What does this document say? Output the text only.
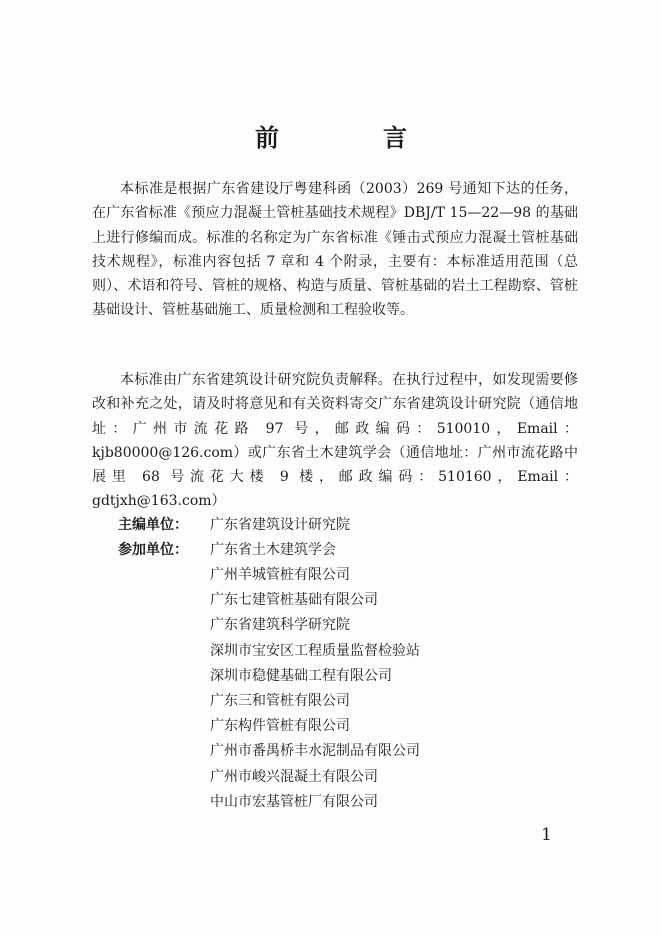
前　言

本标准是根据广东省建设厅粤建科函（2003）269 号通知下达的任务，在广东省标准《预应力混凝土管桩基础技术规程》DBJ/T 15—22—98 的基础上进行修编而成。标准的名称定为广东省标准《锤击式预应力混凝土管桩基础技术规程》，标准内容包括 7 章和 4 个附录，主要有：本标准适用范围（总则）、术语和符号、管桩的规格、构造与质量、管桩基础的岩土工程勘察、管桩基础设计、管桩基础施工、质量检测和工程验收等。

本标准由广东省建筑设计研究院负责解释。在执行过程中，如发现需要修改和补充之处，请及时将意见和有关资料寄交广东省建筑设计研究院（通信地址：广州市流花路 97 号，邮政编码：510010，Email：kjb80000@126.com）或广东省土木建筑学会（通信地址：广州市流花路中展里 68 号流花大楼 9 楼，邮政编码：510160，Email：gdtjxh@163.com）

主编单位：	广东省建筑设计研究院
参加单位：	广东省土木建筑学会
广州羊城管桩有限公司
广东七建管桩基础有限公司
广东省建筑科学研究院
深圳市宝安区工程质量监督检验站
深圳市稳健基础工程有限公司
广东三和管桩有限公司
广东构件管桩有限公司
广州市番禺桥丰水泥制品有限公司
广州市峻兴混凝土有限公司
中山市宏基管桩厂有限公司
1
